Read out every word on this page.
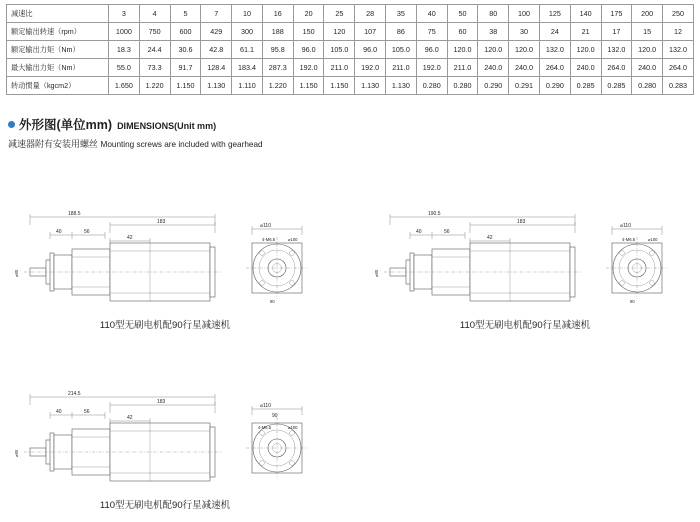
减速比	3	4	5	7	10	16	20	25	28	35	40	50	80	100	125	140	175	200	250
额定输出转速（rpm）	1000	750	600	429	300	188	150	120	107	86	75	60	38	30	24	21	17	15	12
额定输出力矩（Nm）	18.3	24.4	30.6	42.8	61.1	95.8	96.0	105.0	96.0	105.0	96.0	120.0	120.0	120.0	132.0	120.0	132.0	120.0	132.0
最大输出力矩（Nm）	55.0	73.3	91.7	128.4	183.4	287.3	192.0	211.0	192.0	211.0	192.0	211.0	240.0	240.0	264.0	240.0	264.0	240.0	264.0
转动惯量（kgcm2）	1.650	1.220	1.150	1.130	1.110	1.220	1.150	1.150	1.130	1.130	0.280	0.280	0.290	0.291	0.290	0.285	0.285	0.280	0.283
外形图(单位mm) DIMENSIONS(Unit mm)
减速器附有安装用螺丝 Mounting screws are included with gearhead
188.5
183
40	56
42
⌀80
⌀110
4-M6.5	⌀100
90
110型无刷电机配90行星减速机
190.5
183
40	56
42
⌀80
⌀110
4-M6.5	⌀100
90
110型无刷电机配90行星减速机
214.5
183
40	56
42
⌀80
⌀110
90
4-M6.5	⌀100
110型无刷电机配90行星减速机
